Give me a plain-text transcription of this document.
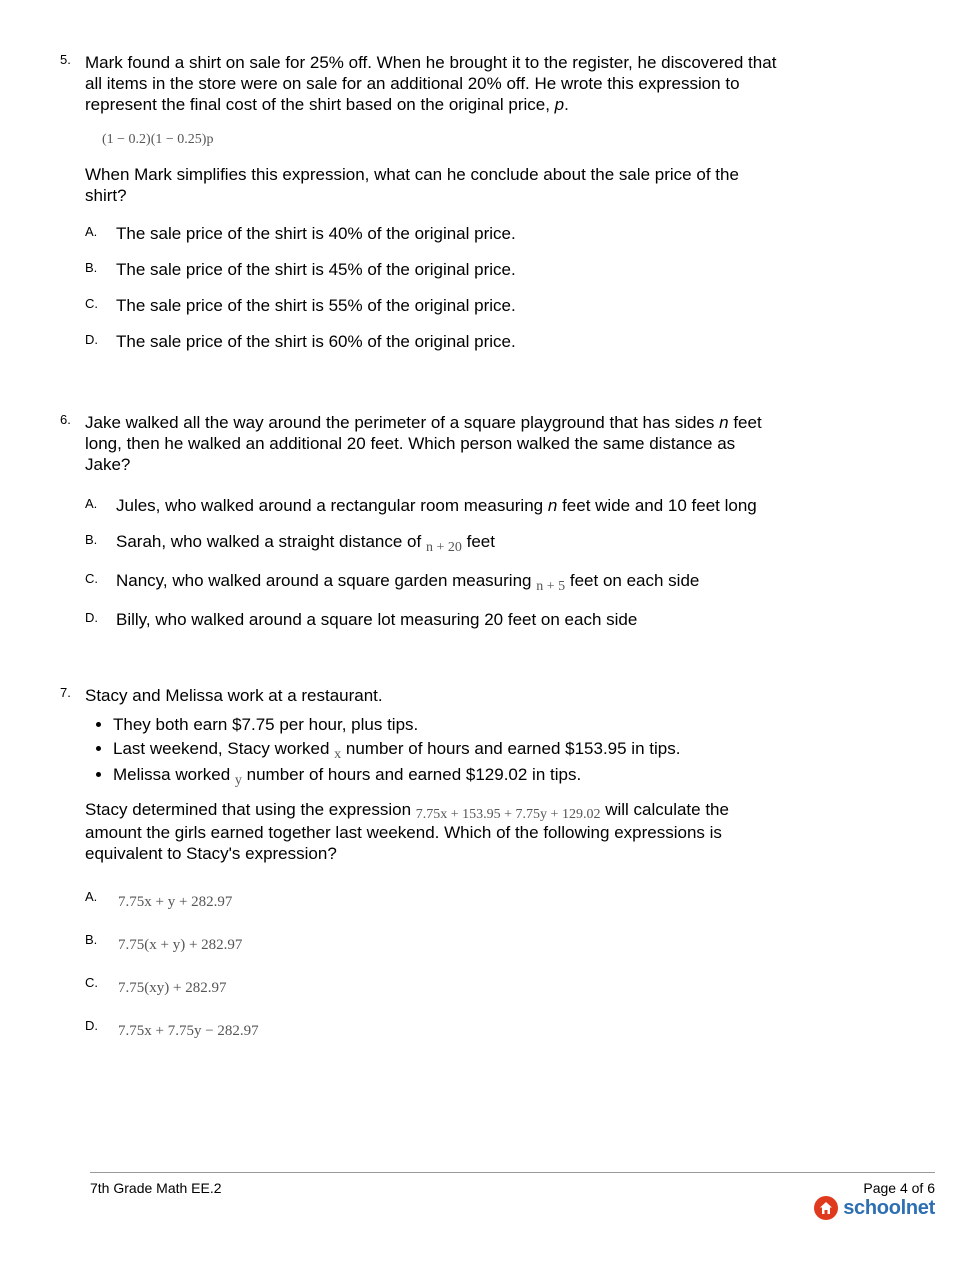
5. Mark found a shirt on sale for 25% off. When he brought it to the register, he discovered that all items in the store were on sale for an additional 20% off. He wrote this expression to represent the final cost of the shirt based on the original price, p.

(1 − 0.2)(1 − 0.25)p

When Mark simplifies this expression, what can he conclude about the sale price of the shirt?

A. The sale price of the shirt is 40% of the original price.
B. The sale price of the shirt is 45% of the original price.
C. The sale price of the shirt is 55% of the original price.
D. The sale price of the shirt is 60% of the original price.
6. Jake walked all the way around the perimeter of a square playground that has sides n feet long, then he walked an additional 20 feet. Which person walked the same distance as Jake?

A. Jules, who walked around a rectangular room measuring n feet wide and 10 feet long
B. Sarah, who walked a straight distance of $_{n + 20}$ feet
C. Nancy, who walked around a square garden measuring $_{n + 5}$ feet on each side
D. Billy, who walked around a square lot measuring 20 feet on each side
7. Stacy and Melissa work at a restaurant.

• They both earn $7.75 per hour, plus tips.
• Last weekend, Stacy worked $_x$ number of hours and earned $153.95 in tips.
• Melissa worked $_y$ number of hours and earned $129.02 in tips.

Stacy determined that using the expression 7.75x + 153.95 + 7.75y + 129.02 will calculate the amount the girls earned together last weekend. Which of the following expressions is equivalent to Stacy's expression?

A. 7.75x + y + 282.97
B. 7.75(x + y) + 282.97
C. 7.75(xy) + 282.97
D. 7.75x + 7.75y − 282.97
7th Grade Math EE.2	Page 4 of 6
schoolnet
